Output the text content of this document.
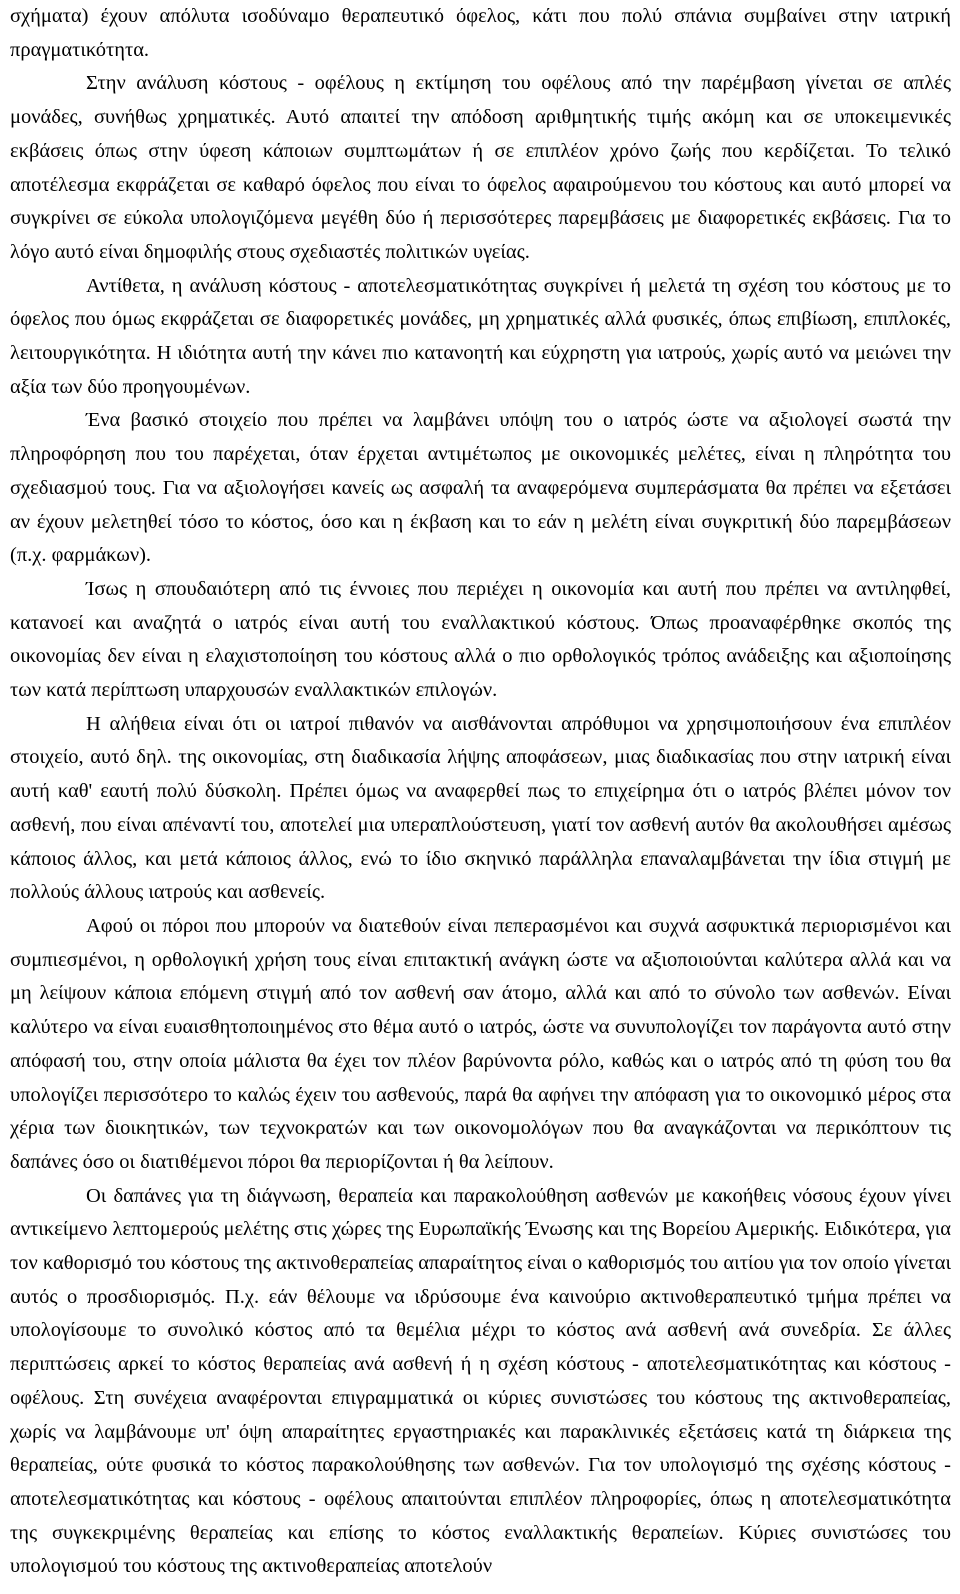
σχήματα) έχουν απόλυτα ισοδύναμο θεραπευτικό όφελος, κάτι που πολύ σπάνια συμβαίνει στην ιατρική πραγματικότητα.

Στην ανάλυση κόστους - οφέλους η εκτίμηση του οφέλους από την παρέμβαση γίνεται σε απλές μονάδες, συνήθως χρηματικές. Αυτό απαιτεί την απόδοση αριθμητικής τιμής ακόμη και σε υποκειμενικές εκβάσεις όπως στην ύφεση κάποιων συμπτωμάτων ή σε επιπλέον χρόνο ζωής που κερδίζεται. Το τελικό αποτέλεσμα εκφράζεται σε καθαρό όφελος που είναι το όφελος αφαιρούμενου του κόστους και αυτό μπορεί να συγκρίνει σε εύκολα υπολογιζόμενα μεγέθη δύο ή περισσότερες παρεμβάσεις με διαφορετικές εκβάσεις. Για το λόγο αυτό είναι δημοφιλής στους σχεδιαστές πολιτικών υγείας.

Αντίθετα, η ανάλυση κόστους - αποτελεσματικότητας συγκρίνει ή μελετά τη σχέση του κόστους με το όφελος που όμως εκφράζεται σε διαφορετικές μονάδες, μη χρηματικές αλλά φυσικές, όπως επιβίωση, επιπλοκές, λειτουργικότητα. Η ιδιότητα αυτή την κάνει πιο κατανοητή και εύχρηστη για ιατρούς, χωρίς αυτό να μειώνει την αξία των δύο προηγουμένων.

Ένα βασικό στοιχείο που πρέπει να λαμβάνει υπόψη του ο ιατρός ώστε να αξιολογεί σωστά την πληροφόρηση που του παρέχεται, όταν έρχεται αντιμέτωπος με οικονομικές μελέτες, είναι η πληρότητα του σχεδιασμού τους. Για να αξιολογήσει κανείς ως ασφαλή τα αναφερόμενα συμπεράσματα θα πρέπει να εξετάσει αν έχουν μελετηθεί τόσο το κόστος, όσο και η έκβαση και το εάν η μελέτη είναι συγκριτική δύο παρεμβάσεων (π.χ. φαρμάκων).

Ίσως η σπουδαιότερη από τις έννοιες που περιέχει η οικονομία και αυτή που πρέπει να αντιληφθεί, κατανοεί και αναζητά ο ιατρός είναι αυτή του εναλλακτικού κόστους. Όπως προαναφέρθηκε σκοπός της οικονομίας δεν είναι η ελαχιστοποίηση του κόστους αλλά ο πιο ορθολογικός τρόπος ανάδειξης και αξιοποίησης των κατά περίπτωση υπαρχουσών εναλλακτικών επιλογών.

Η αλήθεια είναι ότι οι ιατροί πιθανόν να αισθάνονται απρόθυμοι να χρησιμοποιήσουν ένα επιπλέον στοιχείο, αυτό δηλ. της οικονομίας, στη διαδικασία λήψης αποφάσεων, μιας διαδικασίας που στην ιατρική είναι αυτή καθ' εαυτή πολύ δύσκολη. Πρέπει όμως να αναφερθεί πως το επιχείρημα ότι ο ιατρός βλέπει μόνον τον ασθενή, που είναι απέναντί του, αποτελεί μια υπεραπλούστευση, γιατί τον ασθενή αυτόν θα ακολουθήσει αμέσως κάποιος άλλος, και μετά κάποιος άλλος, ενώ το ίδιο σκηνικό παράλληλα επαναλαμβάνεται την ίδια στιγμή με πολλούς άλλους ιατρούς και ασθενείς.

Αφού οι πόροι που μπορούν να διατεθούν είναι πεπερασμένοι και συχνά ασφυκτικά περιορισμένοι και συμπιεσμένοι, η ορθολογική χρήση τους είναι επιτακτική ανάγκη ώστε να αξιοποιούνται καλύτερα αλλά και να μη λείψουν κάποια επόμενη στιγμή από τον ασθενή σαν άτομο, αλλά και από το σύνολο των ασθενών. Είναι καλύτερο να είναι ευαισθητοποιημένος στο θέμα αυτό ο ιατρός, ώστε να συνυπολογίζει τον παράγοντα αυτό στην απόφασή του, στην οποία μάλιστα θα έχει τον πλέον βαρύνοντα ρόλο, καθώς και ο ιατρός από τη φύση του θα υπολογίζει περισσότερο το καλώς έχειν του ασθενούς, παρά θα αφήνει την απόφαση για το οικονομικό μέρος στα χέρια των διοικητικών, των τεχνοκρατών και των οικονομολόγων που θα αναγκάζονται να περικόπτουν τις δαπάνες όσο οι διατιθέμενοι πόροι θα περιορίζονται ή θα λείπουν.

Οι δαπάνες για τη διάγνωση, θεραπεία και παρακολούθηση ασθενών με κακοήθεις νόσους έχουν γίνει αντικείμενο λεπτομερούς μελέτης στις χώρες της Ευρωπαϊκής Ένωσης και της Βορείου Αμερικής. Ειδικότερα, για τον καθορισμό του κόστους της ακτινοθεραπείας απαραίτητος είναι ο καθορισμός του αιτίου για τον οποίο γίνεται αυτός ο προσδιορισμός. Π.χ. εάν θέλουμε να ιδρύσουμε ένα καινούριο ακτινοθεραπευτικό τμήμα πρέπει να υπολογίσουμε το συνολικό κόστος από τα θεμέλια μέχρι το κόστος ανά ασθενή ανά συνεδρία. Σε άλλες περιπτώσεις αρκεί το κόστος θεραπείας ανά ασθενή ή η σχέση κόστους - αποτελεσματικότητας και κόστους - οφέλους. Στη συνέχεια αναφέρονται επιγραμματικά οι κύριες συνιστώσες του κόστους της ακτινοθεραπείας, χωρίς να λαμβάνουμε υπ' όψη απαραίτητες εργαστηριακές και παρακλινικές εξετάσεις κατά τη διάρκεια της θεραπείας, ούτε φυσικά το κόστος παρακολούθησης των ασθενών. Για τον υπολογισμό της σχέσης κόστους - αποτελεσματικότητας και κόστους - οφέλους απαιτούνται επιπλέον πληροφορίες, όπως η αποτελεσματικότητα της συγκεκριμένης θεραπείας και επίσης το κόστος εναλλακτικής θεραπείων. Κύριες συνιστώσες του υπολογισμού του κόστους της ακτινοθεραπείας αποτελούν
